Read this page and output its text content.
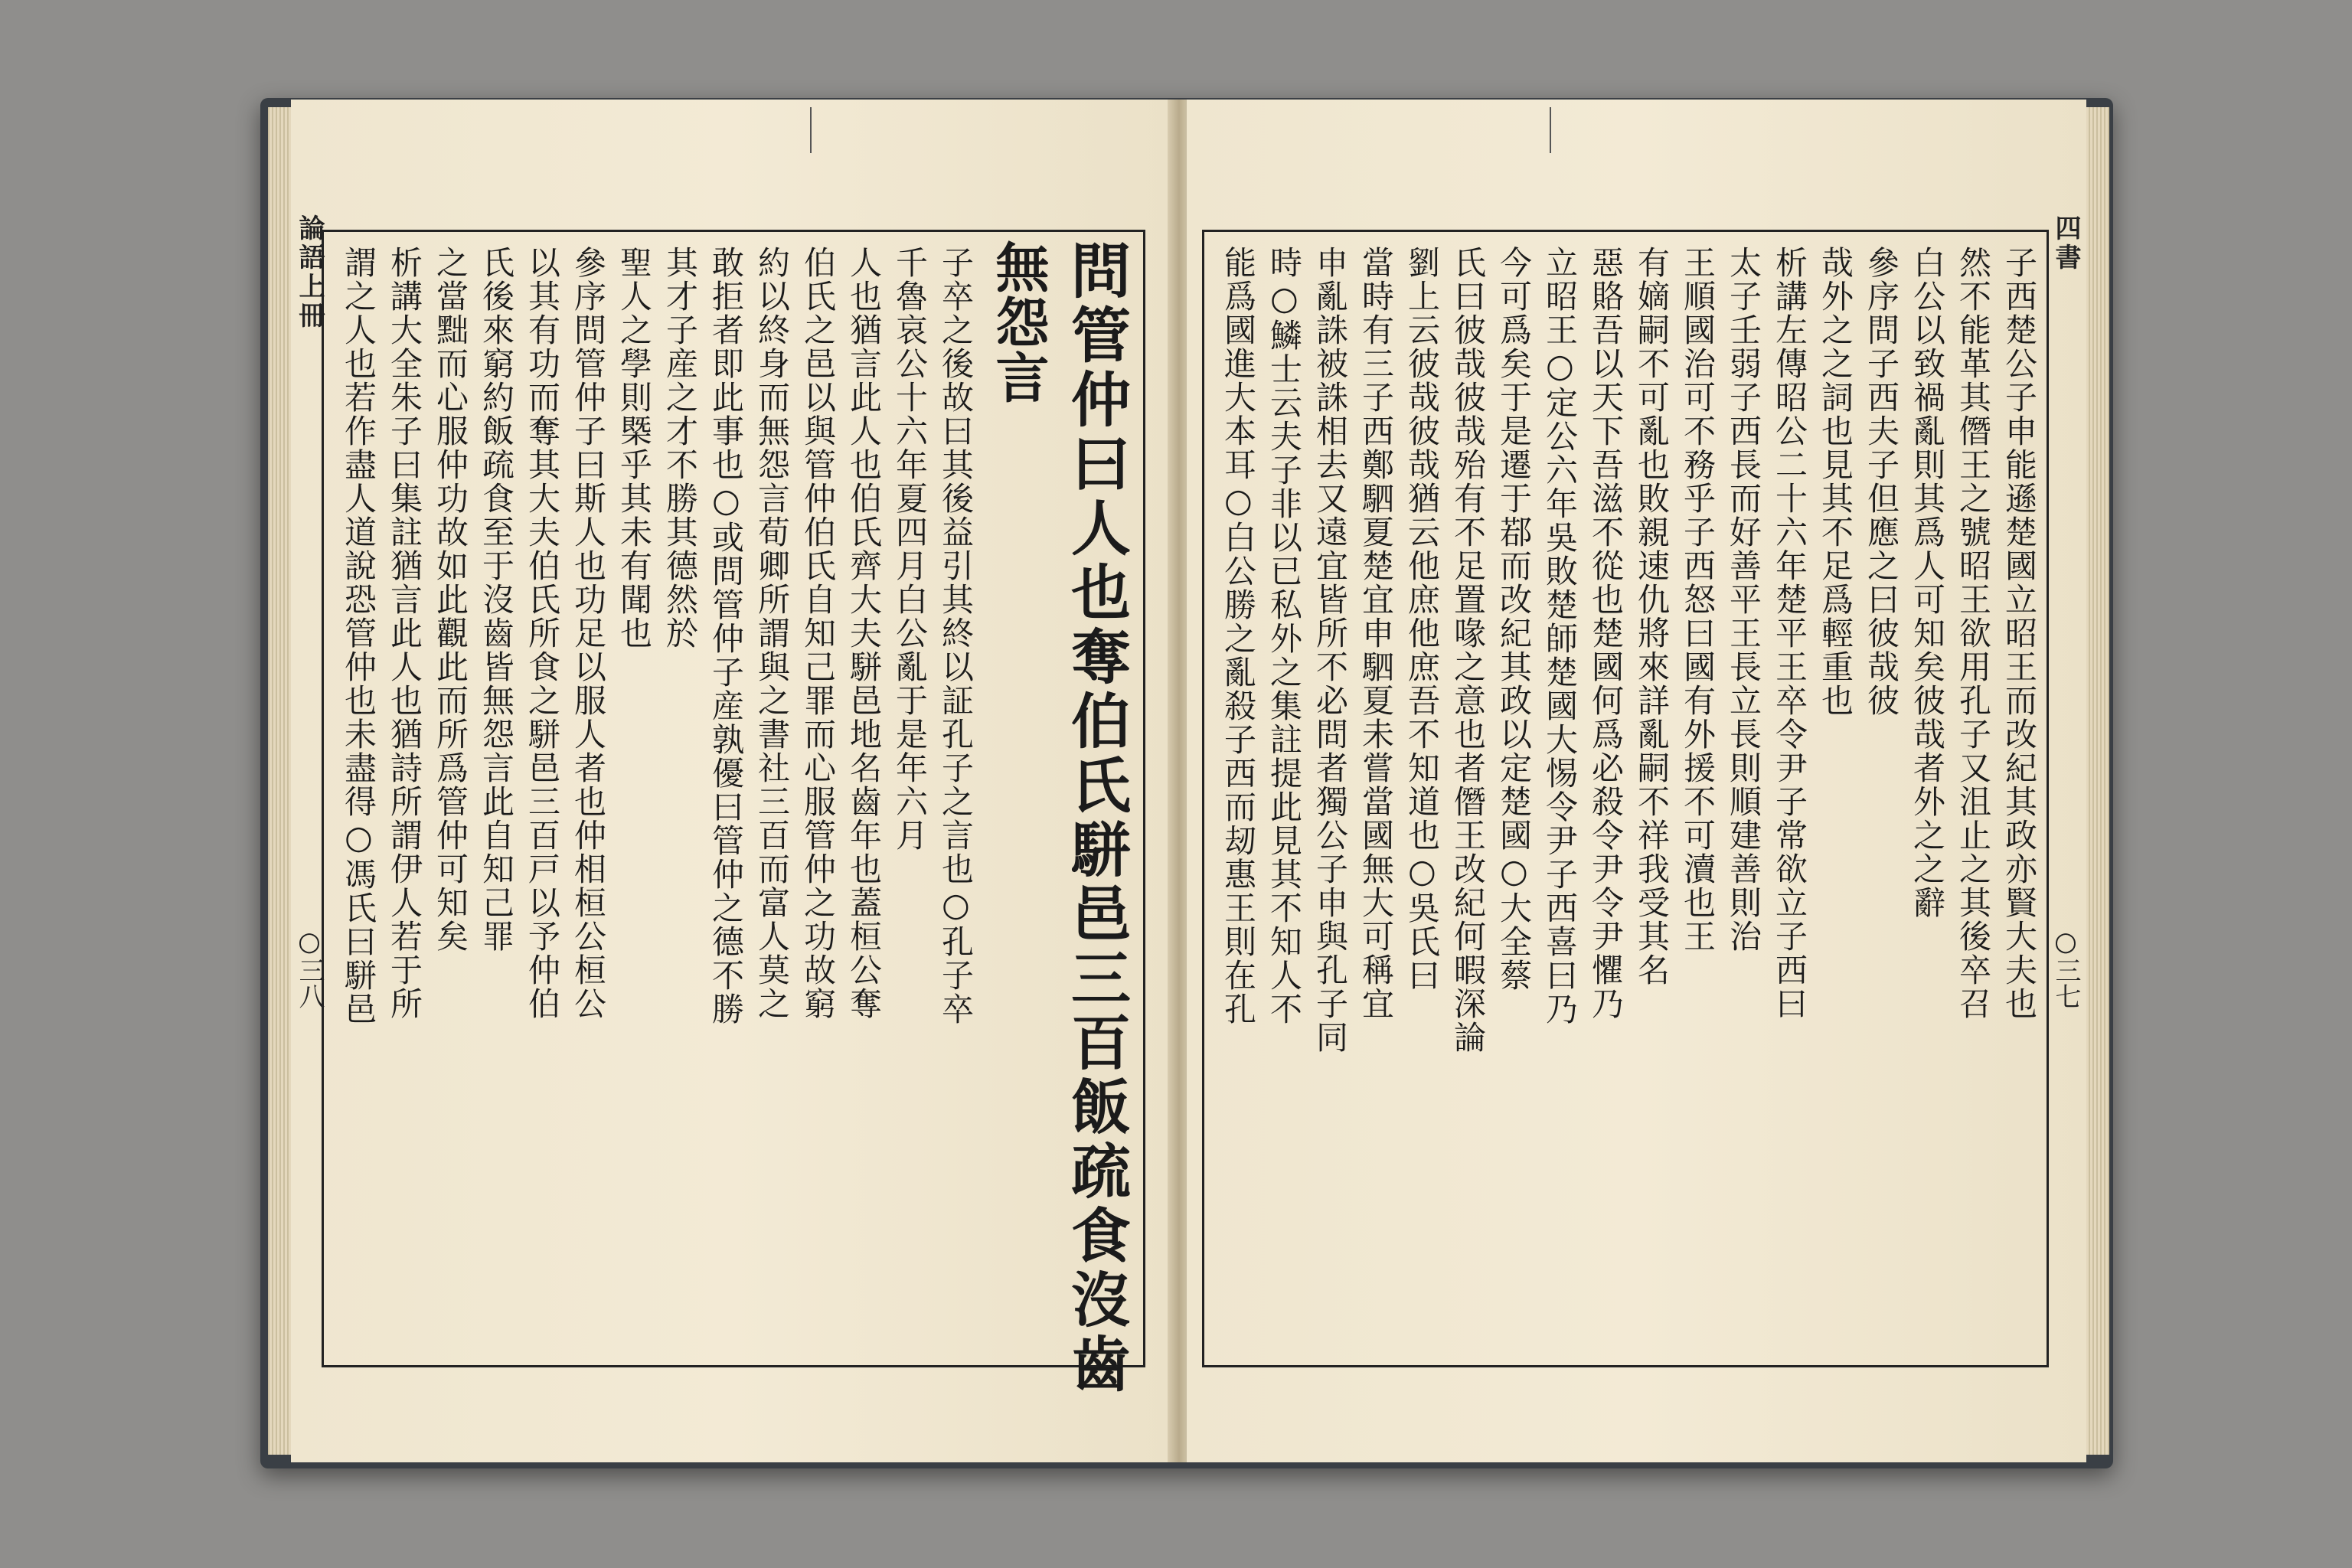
論語上冊
○三八	問管仲曰人也奪伯氏駢邑三百飯疏食沒齒
無怨言
子卒之後故曰其後益引其終以証孔子之言也○孔子卒
千魯哀公十六年夏四月白公亂于是年六月
人也猶言此人也伯氏齊大夫駢邑地名齒年也蓋桓公奪
伯氏之邑以與管仲伯氏自知己罪而心服管仲之功故窮
約以終身而無怨言荀卿所謂與之書社三百而富人莫之
敢拒者即此事也○或問管仲子産孰優曰管仲之德不勝
其才子産之才不勝其德然於
聖人之學則槩乎其未有聞也
參序問管仲子曰斯人也功足以服人者也仲相桓公桓公
以其有功而奪其大夫伯氏所食之駢邑三百戸以予仲伯
氏後來窮約飯疏食至于沒齒皆無怨言此自知己罪
之當黜而心服仲功故如此觀此而所爲管仲可知矣
析講大全朱子曰集註猶言此人也猶詩所謂伊人若于所
謂之人也若作盡人道說恐管仲也未盡得○馮氏曰駢邑
四書
○三七
子西楚公子申能遜楚國立昭王而改紀其政亦賢大夫也
然不能革其僭王之號昭王欲用孔子又沮止之其後卒召
白公以致禍亂則其爲人可知矣彼哉者外之之辭
參序問子西夫子但應之曰彼哉彼
哉外之之詞也見其不足爲輕重也
析講左傳昭公二十六年楚平王卒令尹子常欲立子西曰
太子壬弱子西長而好善平王長立長則順建善則治
王順國治可不務乎子西怒曰國有外援不可瀆也王
有嫡嗣不可亂也敗親速仇將來詳亂嗣不祥我受其名
惡賂吾以天下吾滋不從也楚國何爲必殺令尹令尹懼乃
立昭王○定公六年吳敗楚師楚國大惕令尹子西喜曰乃
今可爲矣于是遷于鄀而改紀其政以定楚國○大全蔡
氏曰彼哉彼哉殆有不足置喙之意也者僭王改紀何暇深論
劉上云彼哉彼哉猶云他庶他庶吾不知道也○吳氏曰
當時有三子西鄭駟夏楚宜申駟夏未嘗當國無大可稱宜
申亂誅被誅相去又遠宜皆所不必問者獨公子申與孔子同
時○鱗士云夫子非以已私外之集註提此見其不知人不
能爲國進大本耳○白公勝之亂殺子西而刼惠王則在孔
